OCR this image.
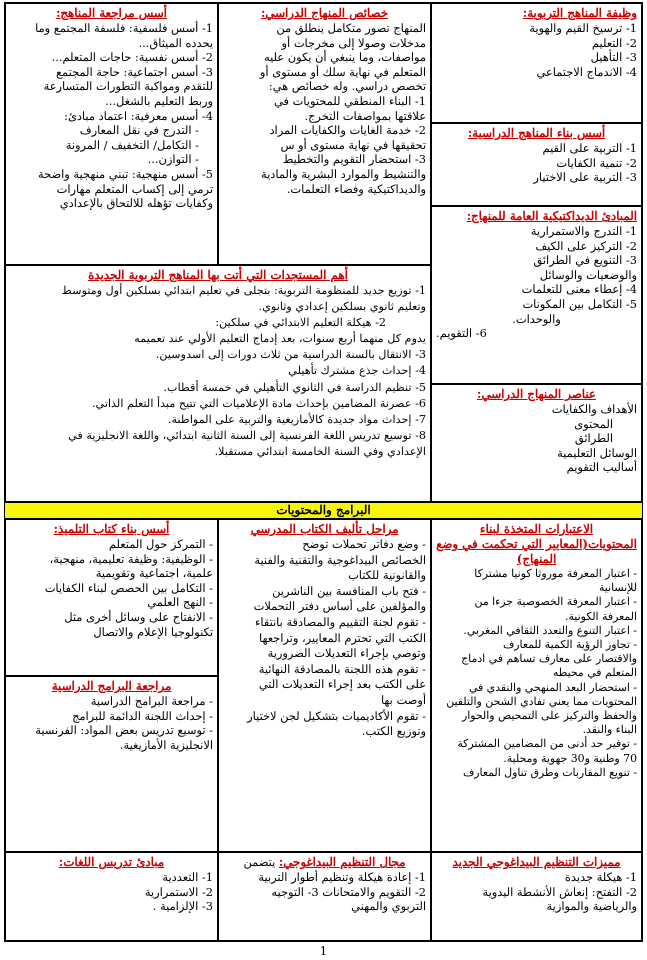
وظيفة المناهج التربوية:
1- ترسيخ القيم والهوية
2- التعليم
3- التأهيل
4- الاندماج الاجتماعي
أسس بناء المناهج الدراسية:
1- التربية على القيم
2- تنمية الكفايات
3- التربية على الاختيار
المبادئ الديداكتيكية العامة للمنهاج:
1- التدرج والاستمرارية
2- التركيز على الكيف
3- التنويع في الطرائق
والوضعيات والوسائل
4- إعطاء معنى للتعلمات
5- التكامل بين المكونات
والوحدات.
6- التقويم.
عناصر المنهاج الدراسي:
الأهداف والكفايات
المحتوى
الطرائق
الوسائل التعليمية
أساليب التقويم
خصائص المنهاج الدراسي:
المنهاج تصور متكامل ينطلق من
مدخلات وصولا إلى مخرجات أو
مواصفات، وما ينبغي أن يكون عليه
المتعلم في نهاية سلك أو مستوى أو
تخصص دراسي. وله خصائص هي:
1- البناء المنطقي للمحتويات في
علاقتها بمواصفات التخرج.
2- خدمة الغايات والكفايات المراد
تحقيقها في نهاية مستوى أو س
3- استحضار التقويم والتخطيط
والتنشيط والموارد البشرية والمادية
والديداكتيكية وفضاء التعلمات.
أسس مراجعة المناهج:
1- أسس فلسفية: فلسفة المجتمع وما
يحدده الميثاق...
2- أسس نفسية: حاجات المتعلم...
3- أسس اجتماعية: حاجة المجتمع
للتقدم ومواكبة التطورات المتسارعة
وربط التعليم بالشغل...
4- أسس معرفية: اعتماد مبادئ:
- التدرج في نقل المعارف
- التكامل/ التخفيف / المرونة
- التوازن...
5- أسس منهجية: تبني منهجية واضحة
ترمي إلى إكساب المتعلم مهارات
وكفايات تؤهله للالتحاق بالإعدادي
أهم المستجدات التي أتت بها المناهج التربوية الجديدة
1- توزيع جديد للمنظومة التربوية: بتجلى في تعليم ابتدائي بسلكين أول ومتوسط
وتعليم ثانوي بسلكين إعدادي وثانوي.
2- هيكلة التعليم الابتدائي في سلكين:
يدوم كل منهما أربع سنوات، بعد إدماج التعليم الأولي عند تعميمه
3- الانتقال بالسنة الدراسية من ثلاث دورات إلى اسدوسين.
4- إحداث جذع مشترك تأهيلي
5- تنظيم الدراسة في الثانوي التأهيلي في خمسة أقطاب.
6- عصرنة المضامين بإحداث مادة الإعلاميات التي تتيح مبدأ التعلم الذاتي.
7- إحداث مواد جديدة كالأمازيغية والتربية على المواطنة.
8- توسيع تدريس اللغة الفرنسية إلى السنة الثانية ابتدائي، واللغة الانجليزية في
الإعدادي وفي السنة الخامسة ابتدائي مستقبلا.
البرامج والمحتويات
الاعتبارات المتخذة لبناء المحتويات(المعايير التي تحكمت في وضع المنهاج)
- اعتبار المعرفة موروثا كونيا مشتركا
للإنسانية
- اعتبار المعرفة الخصوصية جزءا من
المعرفة الكونية.
- اعتبار التنوع والتعدد الثقافي المغربي.
- تجاوز الرؤية الكمية للمعارف
والاقتصار على معارف تساهم في ادماج
المتعلم في محيطه
- استحضار البعد المنهجي والنقدي في
المحتويات مما يعني تفادي الشحن والتلقين
والحفظ والتركيز على التمحيص والحوار
البناء والنقد.
- توفير حد أدنى من المضامين المشتركة
70 وطنية و30 جهوية ومحلية.
- تنويع المقاربات وطرق تناول المعارف
مراحل تأليف الكتاب المدرسي
- وضع دفاتر تحملات توضح
الخصائص البيداغوجية والتقنية والفنية
والقانونية للكتاب
- فتح باب المنافسة بين الناشرين
والمؤلفين على أساس دفتر التحملات
- تقوم لجنة التقييم والمصادقة بانتقاء
الكتب التي تحترم المعايير، وتراجعها
وتوصي بإجراء التعديلات الضرورية
- تقوم هذه اللجنة بالمصادقة النهائية
على الكتب بعد إجراء التعديلات التي
أوصت بها
- تقوم الأكاديميات بتشكيل لجن لاختيار
وتوزيع الكتب.
أسس بناء كتاب التلميذ:
- التمركز حول المتعلم
- الوظيفية: وظيفة تعليمية، منهجية،
علمية، اجتماعية وتقويمية
- التكامل بين الحصص لبناء الكفايات
- النهج العلمي
- الانفتاح على وسائل أخرى مثل
تكنولوجيا الإعلام والاتصال
مراجعة البرامج الدراسية
- مراجعة البرامج الدراسية
- إحداث اللجنة الدائمة للبرامج
- توسيع تدريس بعض المواد: الفرنسية
الانجليزية الأمازيغية.
مميزات التنظيم البيداغوجي الجديد
1- هيكلة جديدة
2- التفتح: إنعاش الأنشطة اليدوية
والرياضية والموازية
مجال التنظيم البيداغوجي: يتضمن
1- إعادة هيكلة وتنظيم أطوار التربية
2- التقويم والامتحانات 3- التوجيه
التربوي والمهني
مبادئ تدريس اللغات:
1- التعددية
2- الاستمرارية
3- الإلزامية .
1
